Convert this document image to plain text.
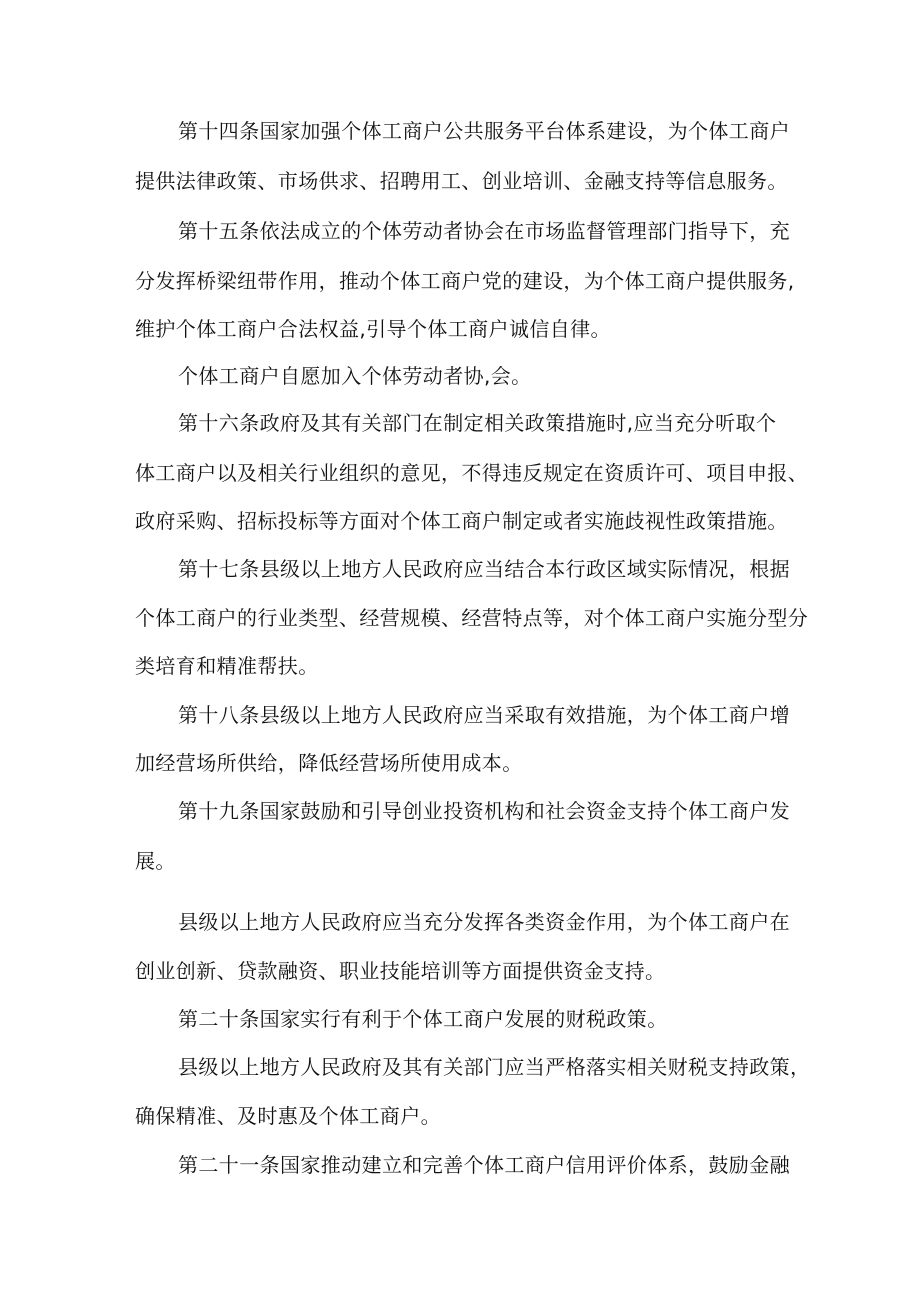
第十四条国家加强个体工商户公共服务平台体系建设，为个体工商户

提供法律政策、市场供求、招聘用工、创业培训、金融支持等信息服务。

第十五条依法成立的个体劳动者协会在市场监督管理部门指导下，充

分发挥桥梁纽带作用，推动个体工商户党的建设，为个体工商户提供服务,

维护个体工商户合法权益,引导个体工商户诚信自律。

个体工商户自愿加入个体劳动者协,会。

第十六条政府及其有关部门在制定相关政策措施时,应当充分听取个

体工商户以及相关行业组织的意见，不得违反规定在资质许可、项目申报、

政府采购、招标投标等方面对个体工商户制定或者实施歧视性政策措施。

第十七条县级以上地方人民政府应当结合本行政区域实际情况，根据

个体工商户的行业类型、经营规模、经营特点等，对个体工商户实施分型分

类培育和精准帮扶。

第十八条县级以上地方人民政府应当采取有效措施，为个体工商户增

加经营场所供给，降低经营场所使用成本。

第十九条国家鼓励和引导创业投资机构和社会资金支持个体工商户发

展。

县级以上地方人民政府应当充分发挥各类资金作用，为个体工商户在

创业创新、贷款融资、职业技能培训等方面提供资金支持。

第二十条国家实行有利于个体工商户发展的财税政策。

县级以上地方人民政府及其有关部门应当严格落实相关财税支持政策，

确保精准、及时惠及个体工商户。

第二十一条国家推动建立和完善个体工商户信用评价体系，鼓励金融
